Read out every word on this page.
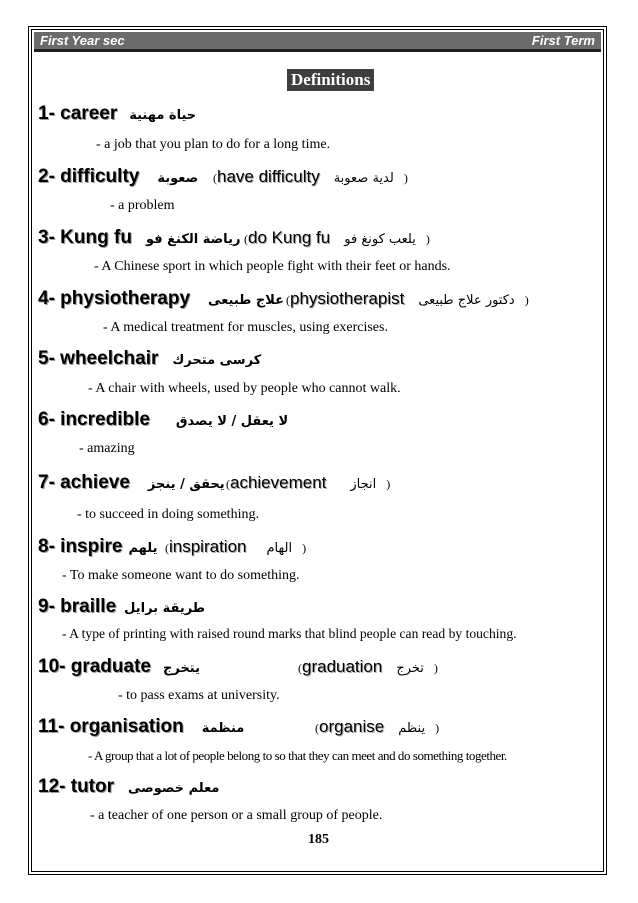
First Year sec	First Term
Definitions
1- career حياة مهنية
- a job that you plan to do for a long time.
2- difficulty صعوبة ( have difficulty لدية صعوبة )
- a problem
3- Kung fu رياضة الكنغ فو ( do Kung fu يلعب كونغ فو )
- A Chinese sport in which people fight with their feet or hands.
4- physiotherapy علاج طبيعى ( physiotherapist دكتور علاج طبيعى )
- A medical treatment for muscles, using exercises.
5- wheelchair كرسى متحرك
- A chair with wheels, used by people who cannot walk.
6- incredible لا يعقل / لا يصدق
- amazing
7- achieve يحقق / ينجز ( achievement انجاز )
- to succeed in doing something.
8- inspire يلهم ( inspiration الهام )
- To make someone want to do something.
9- braille طريقة برايل
- A type of printing with raised round marks that blind people can read by touching.
10- graduate يتخرج	( graduation تخرج )
- to pass exams at university.
11- organisation منظمة	( organise ينظم )
- A group that a lot of people belong to so that they can meet and do something together.
12- tutor معلم خصوصى
- a teacher of one person or a small group of people.
185
